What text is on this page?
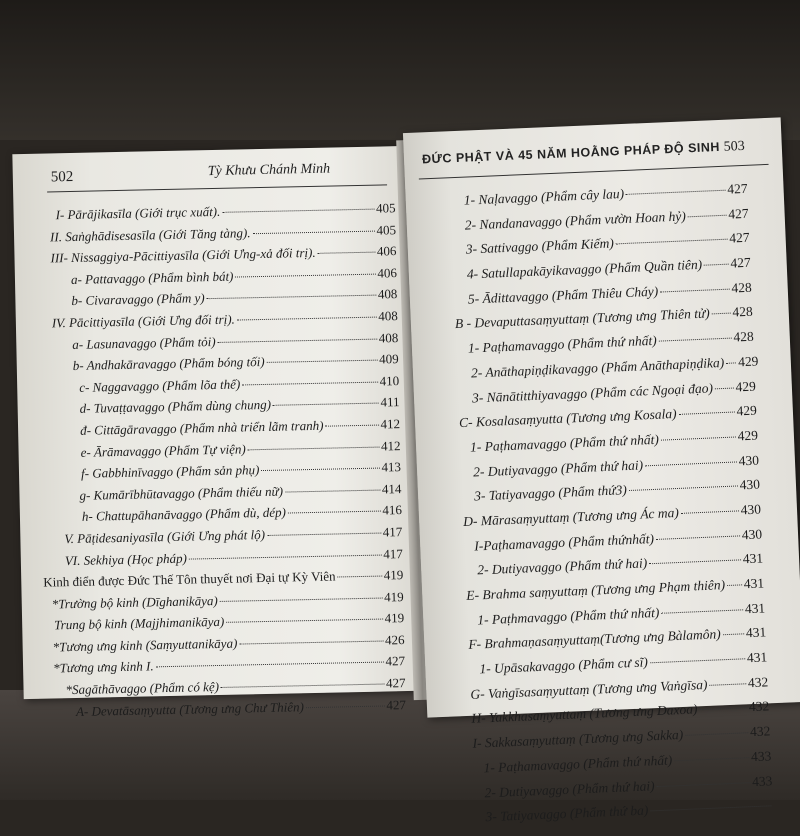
502	Tỳ Khưu Chánh Minh
I- Pārājikasīla (Giới trục xuất).	405
II. Saṅghādisesasīla (Giới Tăng tàng).	405
III- Nissaggiya-Pācittiyasīla (Giới Ưng-xả đối trị).	406
a- Pattavaggo (Phẩm bình bát)	406
b- Civaravaggo (Phẩm y)	408
IV. Pācittiyasīla (Giới Ưng đối trị).	408
a- Lasunavaggo (Phẩm tỏi)	408
b- Andhakāravaggo (Phẩm bóng tối)	409
c- Naggavaggo (Phẩm lõa thể)	410
d- Tuvaṭṭavaggo (Phẩm dùng chung)	411
đ- Cittāgāravaggo (Phẩm nhà triển lãm tranh)	412
e- Ārāmavaggo (Phẩm Tự viện)	412
f- Gabbhinīvaggo (Phẩm sản phụ)	413
g- Kumārībhūtavaggo (Phẩm thiếu nữ)	414
h- Chattupāhanāvaggo (Phẩm dù, dép)	416
V. Pāṭidesaniyasīla (Giới Ưng phát lộ)	417
VI. Sekhiya (Học pháp)	417
Kinh điển được Đức Thế Tôn thuyết nơi Đại tự Kỳ Viên	419
*Trường bộ kinh (Dīghanikāya)	419
Trung bộ kinh (Majjhimanikāya)	419
*Tương ưng kinh (Saṃyuttanikāya)	426
*Tương ưng kinh I.	427
*Sagāthāvaggo (Phẩm có kệ)	427
A- Devatāsaṃyutta (Tương ưng Chư Thiên)	427
ĐỨC PHẬT VÀ 45 NĂM HOẰNG PHÁP ĐỘ SINH 503
1- Naḷavaggo (Phẩm cây lau)	427
2- Nandanavaggo (Phẩm vườn Hoan hỷ)	427
3- Sattivaggo (Phẩm Kiếm)	427
4- Satullapakāyikavaggo (Phẩm Quần tiên) 427
5- Ādittavaggo (Phẩm Thiêu Cháy)	428
B - Devaputtasaṃyuttaṃ (Tương ưng Thiên tử) 428
1- Paṭhamavaggo (Phẩm thứ nhất)	428
2- Anāthapiṇḍikavaggo (Phẩm Anāthapiṇḍika) 429
3- Nānātitthiyavaggo (Phẩm các Ngoại đạo) 429
C- Kosalasaṃyutta (Tương ưng Kosala)	429
1- Paṭhamavaggo (Phẩm thứ nhất)	429
2- Dutiyavaggo (Phẩm thứ hai)	430
3- Tatiyavaggo (Phẩm thứ3)	430
D- Mārasaṃyuttaṃ (Tương ưng Ác ma)	430
I-Paṭhamavaggo (Phẩm thứnhất)	430
2- Dutiyavaggo (Phẩm thứ hai)	431
E- Brahma saṃyuttaṃ (Tương ưng Phạm thiên) 431
1- Paṭhmavaggo (Phẩm thứ nhất)	431
F- Brahmaṇasaṃyuttaṃ(Tương ưng Bàlamôn) 431
1- Upāsakavaggo (Phẩm cư sĩ)	431
G- Vaṅgīsasaṃyuttaṃ (Tương ưng Vaṅgīsa)	432
H- Yakkhasaṃyuttaṃ (Tương ưng Daxoa)	432
I- Sakkasaṃyuttaṃ (Tương ưng Sakka)	432
1- Paṭhamavaggo (Phẩm thứ nhất)	433
2- Dutiyavaggo (Phẩm thứ hai)	433
3- Tatiyavaggo (Phẩm thứ ba)
